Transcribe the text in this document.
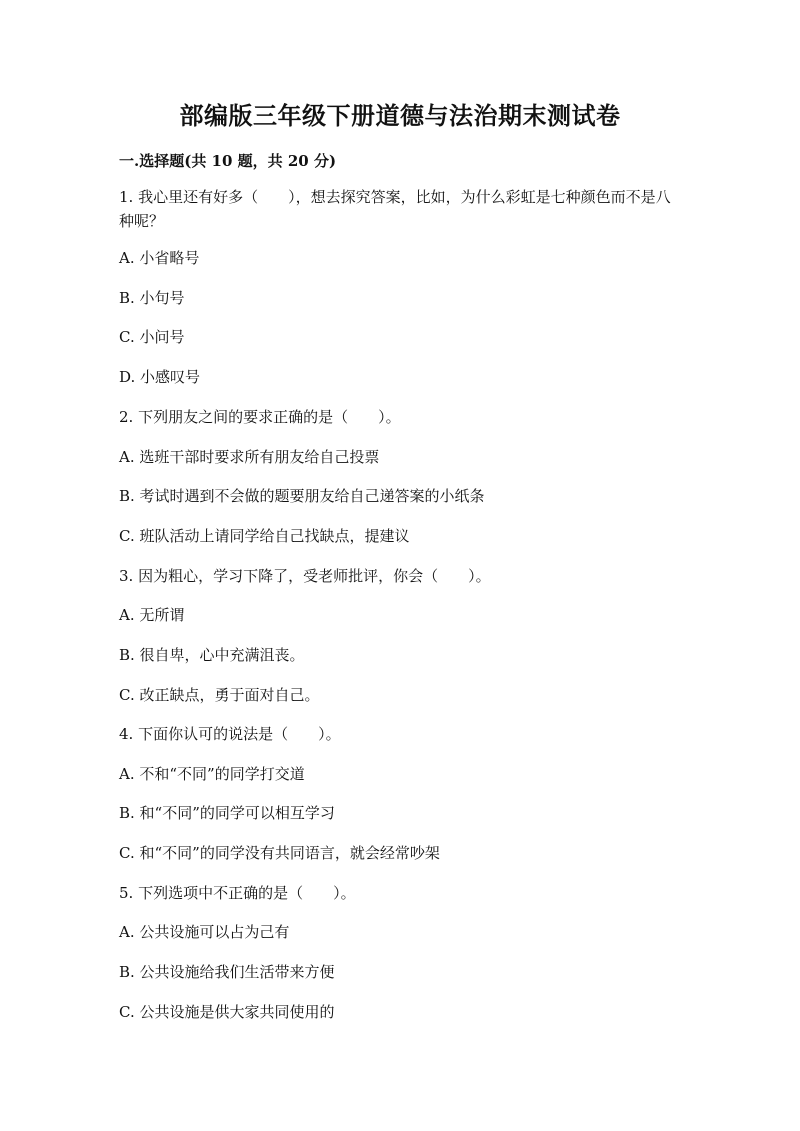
部编版三年级下册道德与法治期末测试卷
一.选择题(共 10 题，共 20 分)
1. 我心里还有好多（　　），想去探究答案，比如，为什么彩虹是七种颜色而不是八种呢？
A. 小省略号
B. 小句号
C. 小问号
D. 小感叹号
2. 下列朋友之间的要求正确的是（　　）。
A. 选班干部时要求所有朋友给自己投票
B. 考试时遇到不会做的题要朋友给自己递答案的小纸条
C. 班队活动上请同学给自己找缺点，提建议
3. 因为粗心，学习下降了，受老师批评，你会（　　）。
A. 无所谓
B. 很自卑，心中充满沮丧。
C. 改正缺点，勇于面对自己。
4. 下面你认可的说法是（　　）。
A. 不和“不同”的同学打交道
B. 和“不同”的同学可以相互学习
C. 和“不同”的同学没有共同语言，就会经常吵架
5. 下列选项中不正确的是（　　）。
A. 公共设施可以占为己有
B. 公共设施给我们生活带来方便
C. 公共设施是供大家共同使用的
